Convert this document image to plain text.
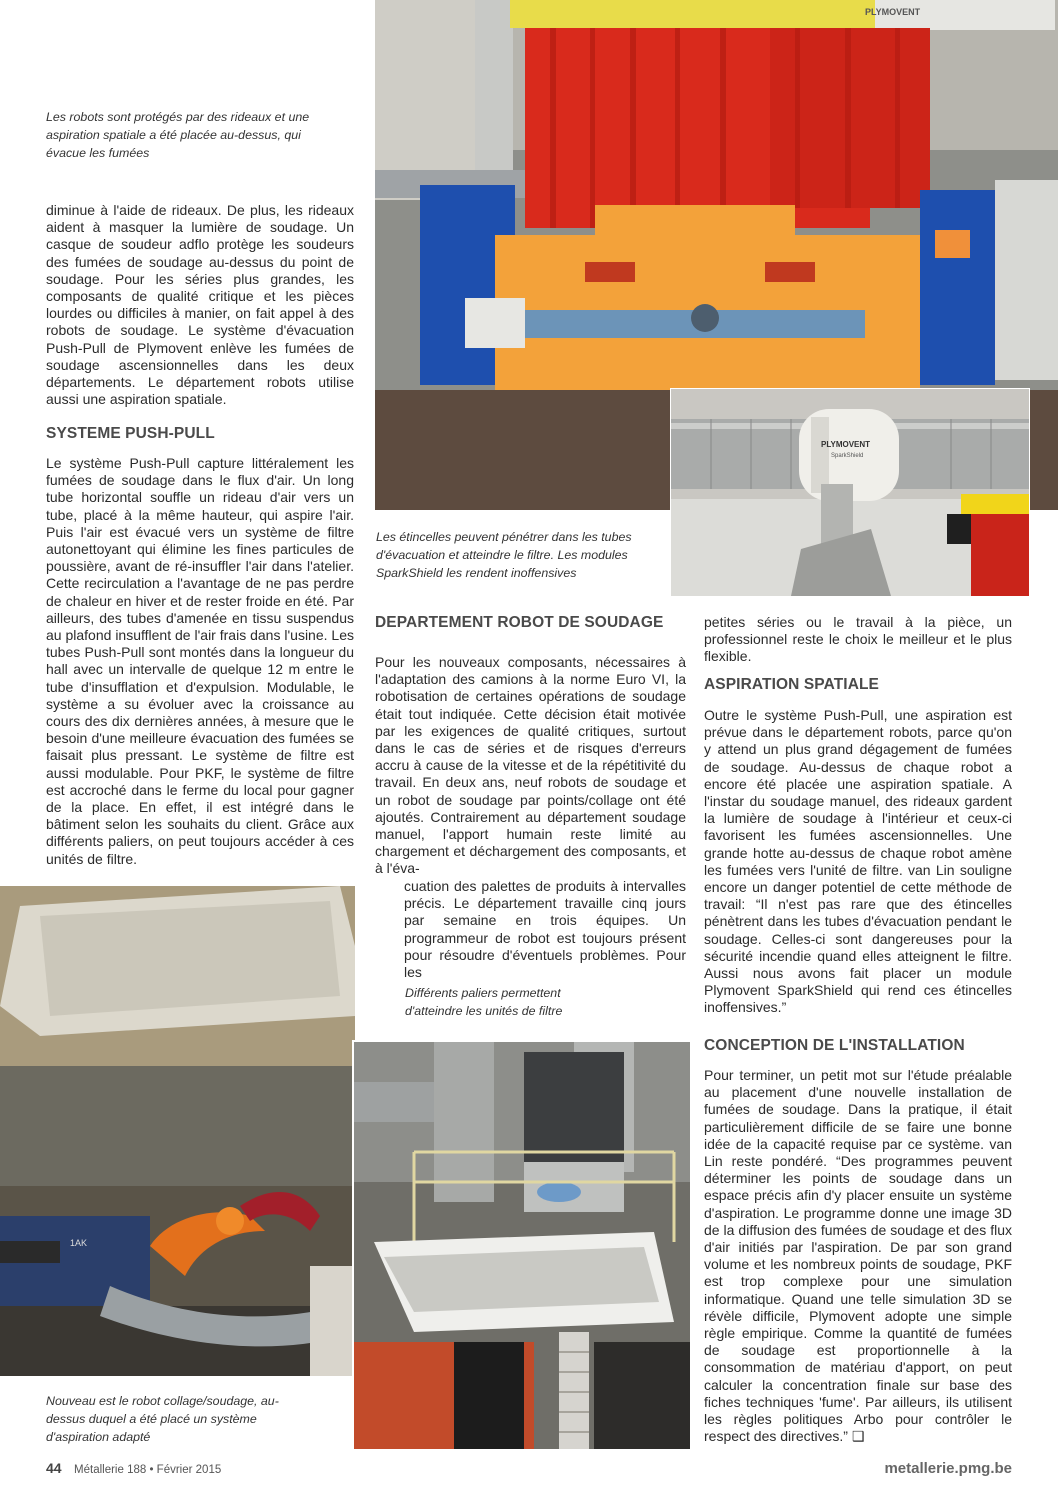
PLYMOVENT
PLYMOVENT
SparkShield
1AK
Les robots sont protégés par des rideaux et une aspiration spatiale a été placée au-dessus, qui évacue les fumées
Les étincelles peuvent pénétrer dans les tubes d'évacuation et atteindre le filtre. Les modules SparkShield les rendent inoffensives
Différents paliers permettent d'atteindre les unités de filtre
Nouveau est le robot collage/soudage, au-dessus duquel a été placé un système d'aspiration adapté
diminue à l'aide de rideaux. De plus, les rideaux aident à masquer la lumière de soudage. Un casque de soudeur adflo protège les soudeurs des fumées de soudage au-dessus du point de soudage. Pour les séries plus grandes, les composants de qualité critique et les pièces lourdes ou difficiles à manier, on fait appel à des robots de soudage. Le système d'évacuation Push-Pull de Plymovent enlève les fumées de soudage ascensionnelles dans les deux départements. Le département robots utilise aussi une aspiration spatiale.
SYSTEME PUSH-PULL
Le système Push-Pull capture littéralement les fumées de soudage dans le flux d'air. Un long tube horizontal souffle un rideau d'air vers un tube, placé à la même hauteur, qui aspire l'air. Puis l'air est évacué vers un système de filtre autonettoyant qui élimine les fines particules de poussière, avant de ré-insuffler l'air dans l'atelier. Cette recirculation a l'avantage de ne pas perdre de chaleur en hiver et de rester froide en été. Par ailleurs, des tubes d'amenée en tissu suspendus au plafond insufflent de l'air frais dans l'usine. Les tubes Push-Pull sont montés dans la longueur du hall avec un intervalle de quelque 12 m entre le tube d'insufflation et d'expulsion. Modulable, le système a su évoluer avec la croissance au cours des dix dernières années, à mesure que le besoin d'une meilleure évacuation des fumées se faisait plus pressant. Le système de filtre est aussi modulable. Pour PKF, le système de filtre est accroché dans le ferme du local pour gagner de la place. En effet, il est intégré dans le bâtiment selon les souhaits du client. Grâce aux différents paliers, on peut toujours accéder à ces unités de filtre.
DEPARTEMENT ROBOT DE SOUDAGE
Pour les nouveaux composants, nécessaires à l'adaptation des camions à la norme Euro VI, la robotisation de certaines opérations de soudage était tout indiquée. Cette décision était motivée par les exigences de qualité critiques, surtout dans le cas de séries et de risques d'erreurs accru à cause de la vitesse et de la répétitivité du travail. En deux ans, neuf robots de soudage et un robot de soudage par points/collage ont été ajoutés. Contrairement au département soudage manuel, l'apport humain reste limité au chargement et déchargement des composants, et à l'éva-
cuation des palettes de produits à intervalles précis. Le département travaille cinq jours par semaine en trois équipes. Un programmeur de robot est toujours présent pour résoudre d'éventuels problèmes. Pour les
petites séries ou le travail à la pièce, un professionnel reste le choix le meilleur et le plus flexible.
ASPIRATION SPATIALE
Outre le système Push-Pull, une aspiration est prévue dans le département robots, parce qu'on y attend un plus grand dégagement de fumées de soudage. Au-dessus de chaque robot a encore été placée une aspiration spatiale. A l'instar du soudage manuel, des rideaux gardent la lumière de soudage à l'intérieur et ceux-ci favorisent les fumées ascensionnelles. Une grande hotte au-dessus de chaque robot amène les fumées vers l'unité de filtre. van Lin souligne encore un danger potentiel de cette méthode de travail: “Il n'est pas rare que des étincelles pénètrent dans les tubes d'évacuation pendant le soudage. Celles-ci sont dangereuses pour la sécurité incendie quand elles atteignent le filtre. Aussi nous avons fait placer un module Plymovent SparkShield qui rend ces étincelles inoffensives.”
CONCEPTION DE L'INSTALLATION
Pour terminer, un petit mot sur l'étude préalable au placement d'une nouvelle installation de fumées de soudage. Dans la pratique, il était particulièrement difficile de se faire une bonne idée de la capacité requise par ce système. van Lin reste pondéré. “Des programmes peuvent déterminer les points de soudage dans un espace précis afin d'y placer ensuite un système d'aspiration. Le programme donne une image 3D de la diffusion des fumées de soudage et des flux d'air initiés par l'aspiration. De par son grand volume et les nombreux points de soudage, PKF est trop complexe pour une simulation informatique. Quand une telle simulation 3D se révèle difficile, Plymovent adopte une simple règle empirique. Comme la quantité de fumées de soudage est proportionnelle à la consommation de matériau d'apport, on peut calculer la concentration finale sur base des fiches techniques 'fume'. Par ailleurs, ils utilisent les règles politiques Arbo pour contrôler le respect des directives.” ❑
44 Métallerie 188 • Février 2015	metallerie.pmg.be
